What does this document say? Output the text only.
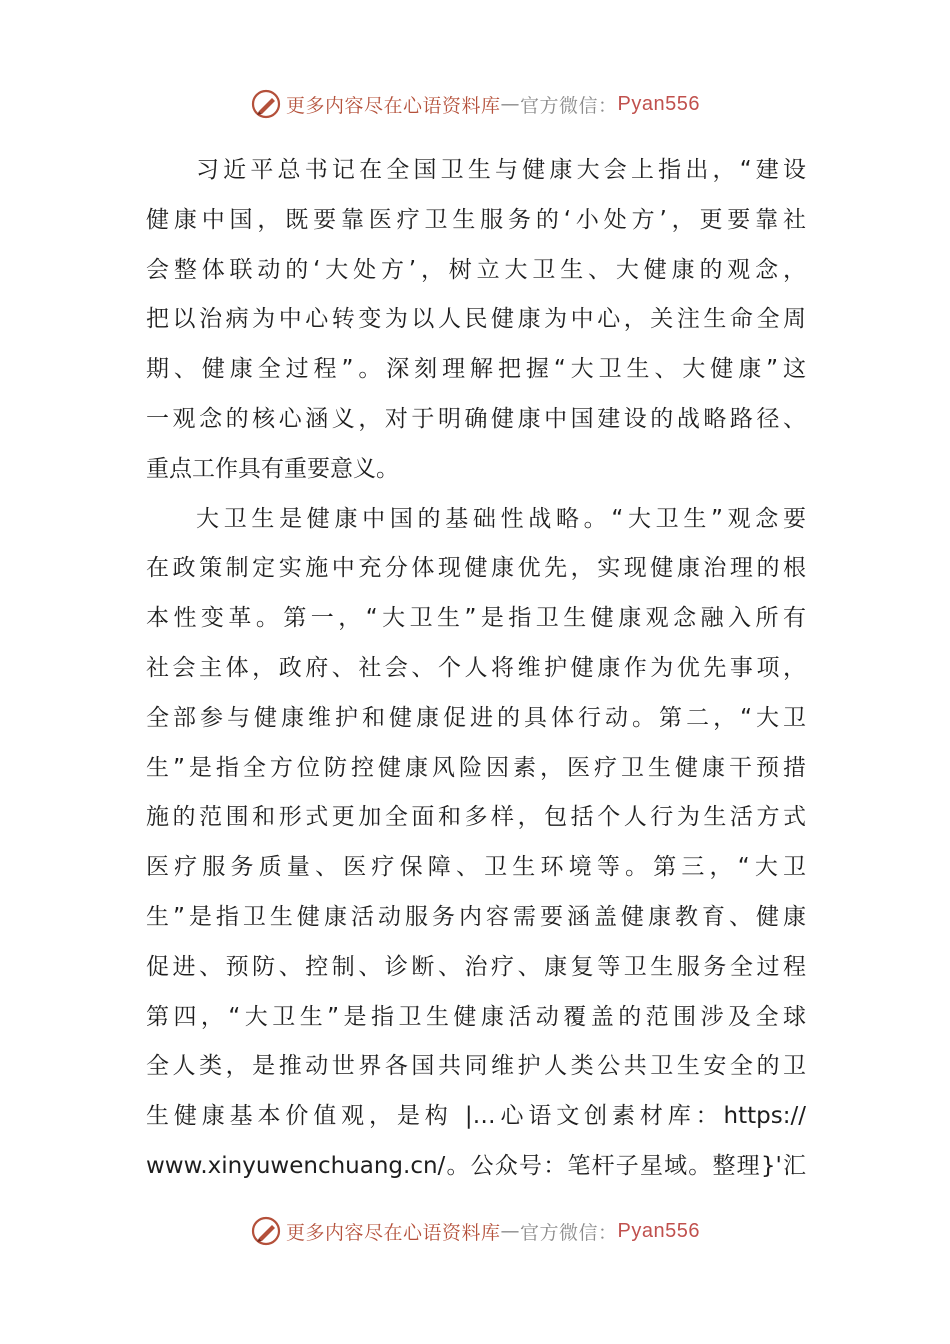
更多内容尽在心语资料库 — 官方微信： Pyan556
习近平总书记在全国卫生与健康大会上指出，“建设
健康中国，既要靠医疗卫生服务的‘小处方’，更要靠社
会整体联动的‘大处方’，树立大卫生、大健康的观念，
把以治病为中心转变为以人民健康为中心，关注生命全周
期、健康全过程”。深刻理解把握“大卫生、大健康”这
一观念的核心涵义，对于明确健康中国建设的战略路径、
重点工作具有重要意义。
大卫生是健康中国的基础性战略。“大卫生”观念要
在政策制定实施中充分体现健康优先，实现健康治理的根
本性变革。第一，“大卫生”是指卫生健康观念融入所有
社会主体，政府、社会、个人将维护健康作为优先事项，
全部参与健康维护和健康促进的具体行动。第二，“大卫
生”是指全方位防控健康风险因素，医疗卫生健康干预措
施的范围和形式更加全面和多样，包括个人行为生活方式
医疗服务质量、医疗保障、卫生环境等。第三，“大卫
生”是指卫生健康活动服务内容需要涵盖健康教育、健康
促进、预防、控制、诊断、治疗、康复等卫生服务全过程
第四，“大卫生”是指卫生健康活动覆盖的范围涉及全球
全人类，是推动世界各国共同维护人类公共卫生安全的卫
生健康基本价值观，是构 |…心语文创素材库：https://
www.xinyuwenchuang.cn/。公众号：笔杆子星域。整理}'汇
更多内容尽在心语资料库 — 官方微信： Pyan556
